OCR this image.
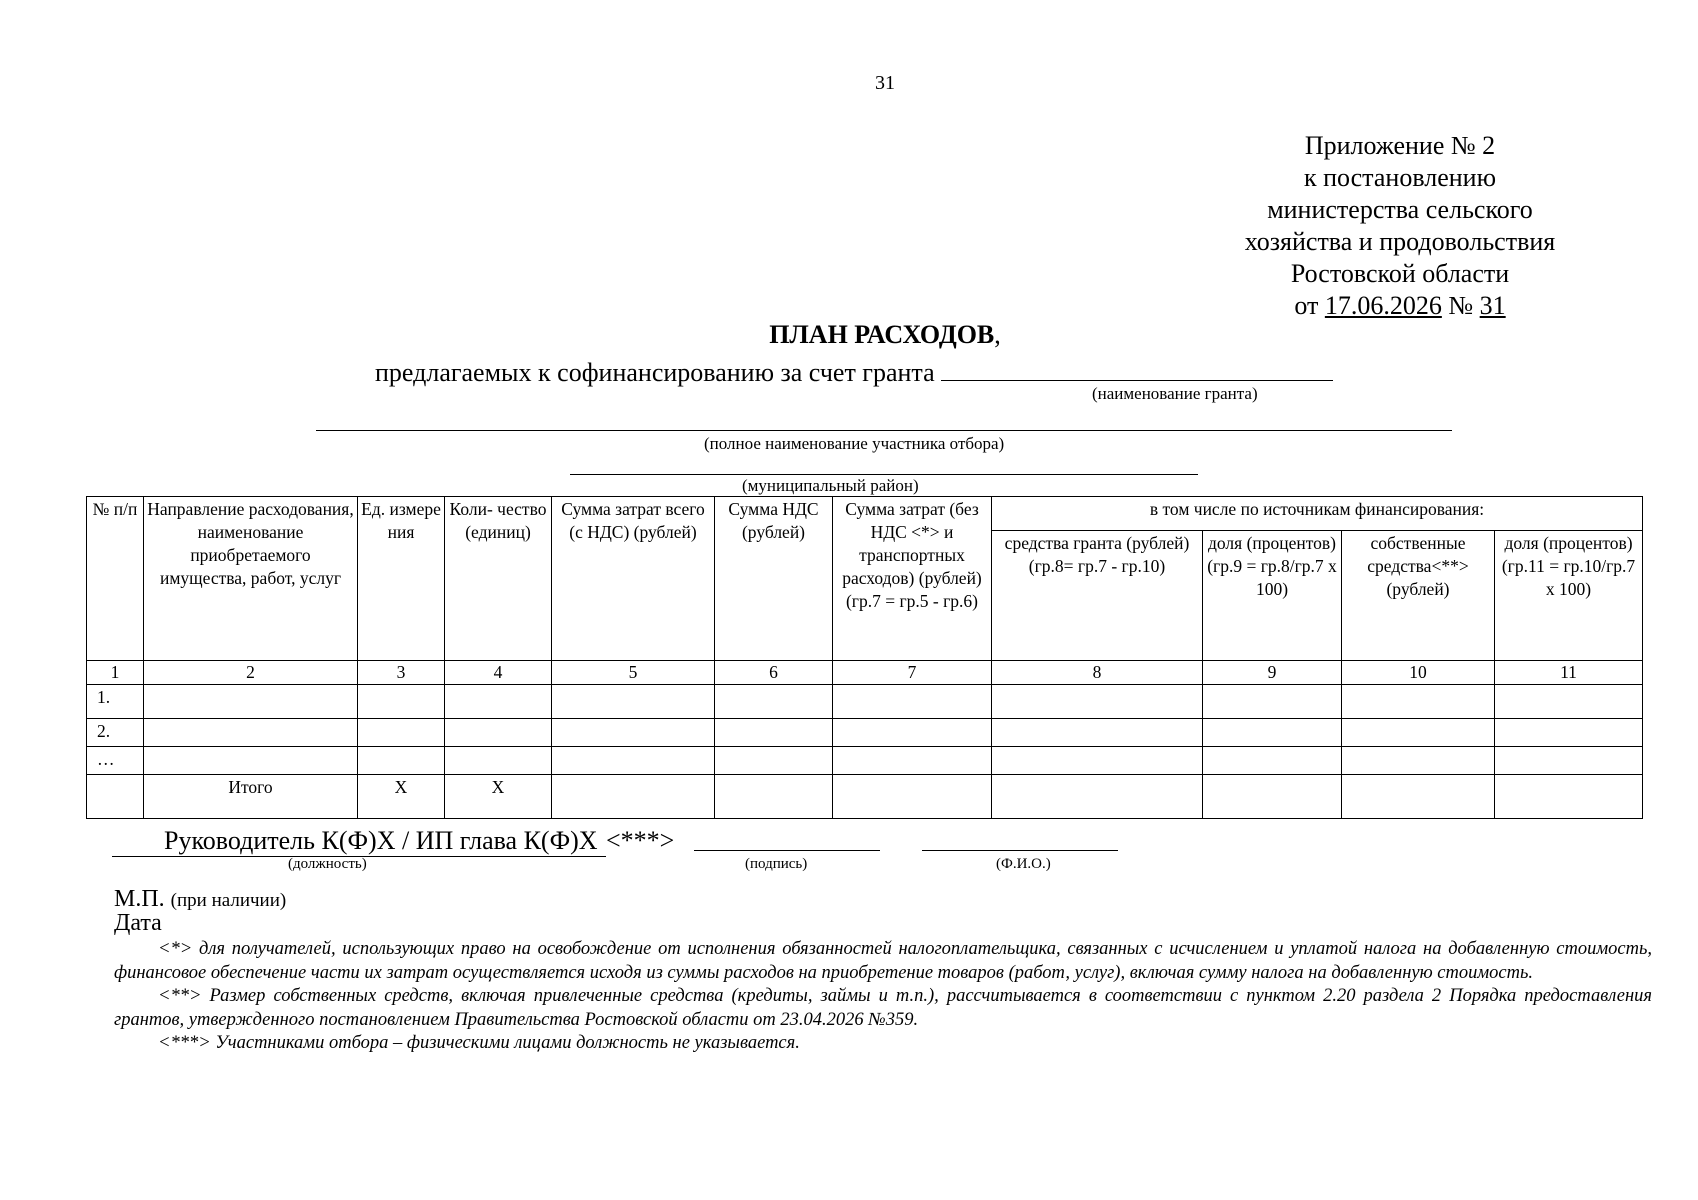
31
Приложение № 2
к постановлению
министерства сельского
хозяйства и продовольствия
Ростовской области
от 17.06.2026 № 31
ПЛАН РАСХОДОВ,
предлагаемых к софинансированию за счет гранта
(наименование гранта)
(полное наименование участника отбора)
(муниципальный район)
№ п/п	Направление расходования, наименование приобретаемого имущества, работ, услуг	Ед. измере ния	Коли- чество (единиц)	Сумма затрат всего (с НДС) (рублей)	Сумма НДС (рублей)	Сумма затрат (без НДС <*> и транспортных расходов) (рублей) (гр.7 = гр.5 - гр.6)	в том числе по источникам финансирования:			
							средства гранта (рублей) (гр.8= гр.7 - гр.10)	доля (процентов) (гр.9 = гр.8/гр.7 х 100)	собственные средства<**> (рублей)	доля (процентов) (гр.11 = гр.10/гр.7 х 100)
1	2	3	4	5	6	7	8	9	10	11
1.										
2.										
…										
	Итого	Х	Х							
Руководитель К(Ф)Х / ИП глава К(Ф)Х <***>
(должность)	(подпись)	(Ф.И.О.)
М.П. (при наличии)
Дата

<*> для получателей, использующих право на освобождение от исполнения обязанностей налогоплательщика, связанных с исчислением и уплатой налога на добавленную стоимость, финансовое обеспечение части их затрат осуществляется исходя из суммы расходов на приобретение товаров (работ, услуг), включая сумму налога на добавленную стоимость.

<**> Размер собственных средств, включая привлеченные средства (кредиты, займы и т.п.), рассчитывается в соответствии с пунктом 2.20 раздела 2 Порядка предоставления грантов, утвержденного постановлением Правительства Ростовской области от 23.04.2026 №359.

<***> Участниками отбора – физическими лицами должность не указывается.
